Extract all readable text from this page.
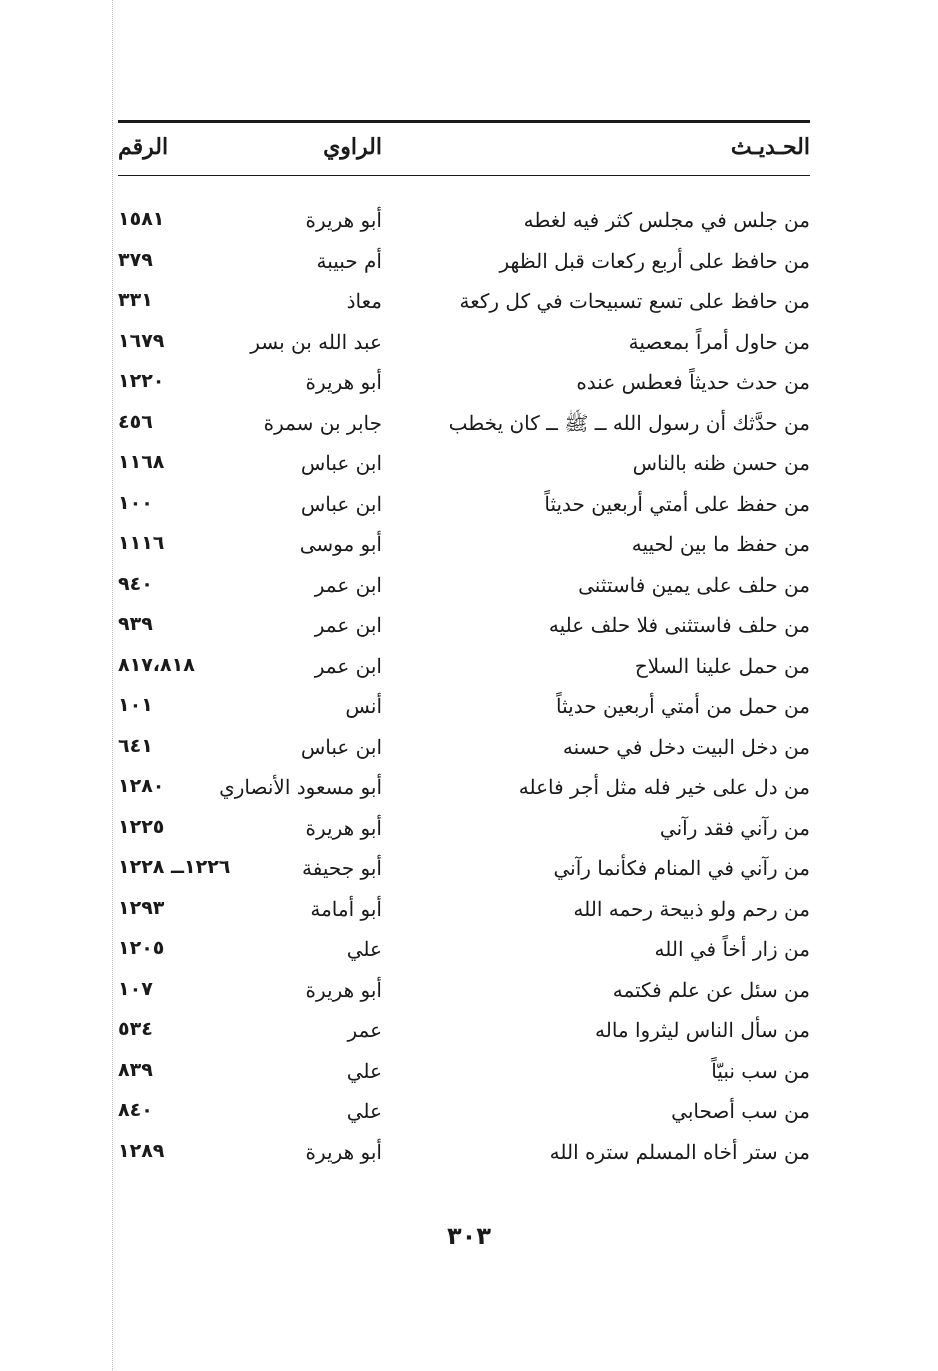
الحـديـث
الراوي
الرقم
من جلس في مجلس كثر فيه لغطه
أبو هريرة
١٥٨١
من حافظ على أربع ركعات قبل الظهر
أم حبيبة
٣٧٩
من حافظ على تسع تسبيحات في كل ركعة
معاذ
٣٣١
من حاول أمراً بمعصية
عبد الله بن بسر
١٦٧٩
من حدث حديثاً فعطس عنده
أبو هريرة
١٢٢٠
من حدَّثك أن رسول الله ــ ﷺ ــ كان يخطب
جابر بن سمرة
٤٥٦
من حسن ظنه بالناس
ابن عباس
١١٦٨
من حفظ على أمتي أربعين حديثاً
ابن عباس
١٠٠
من حفظ ما بين لحييه
أبو موسى
١١١٦
من حلف على يمين فاستثنى
ابن عمر
٩٤٠
من حلف فاستثنى فلا حلف عليه
ابن عمر
٩٣٩
من حمل علينا السلاح
ابن عمر
٨١٧،٨١٨
من حمل من أمتي أربعين حديثاً
أنس
١٠١
من دخل البيت دخل في حسنه
ابن عباس
٦٤١
من دل على خير فله مثل أجر فاعله
أبو مسعود الأنصاري
١٢٨٠
من رآني فقد رآني
أبو هريرة
١٢٢٥
من رآني في المنام فكأنما رآني
أبو جحيفة
١٢٢٦ــ ١٢٢٨
من رحم ولو ذبيحة رحمه الله
أبو أمامة
١٢٩٣
من زار أخاً في الله
علي
١٢٠٥
من سئل عن علم فكتمه
أبو هريرة
١٠٧
من سأل الناس ليثروا ماله
عمر
٥٣٤
من سب نبيّاً
علي
٨٣٩
من سب أصحابي
علي
٨٤٠
من ستر أخاه المسلم ستره الله
أبو هريرة
١٢٨٩
٣٠٣
